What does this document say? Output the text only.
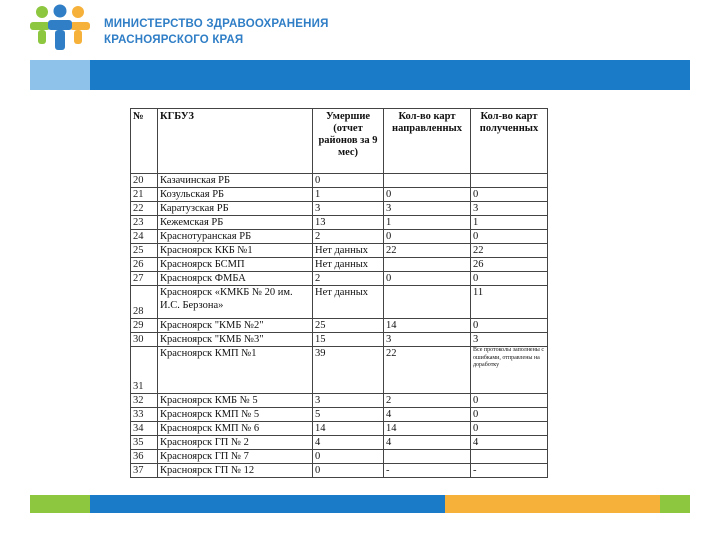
МИНИСТЕРСТВО ЗДРАВООХРАНЕНИЯ
КРАСНОЯРСКОГО КРАЯ
№	КГБУЗ	Умершие (отчет районов за 9 мес)	Кол-во карт направленных	Кол-во карт полученных
20	Казачинская РБ	0		
21	Козульская РБ	1	0	0
22	Каратузская РБ	3	3	3
23	Кежемская РБ	13	1	1
24	Краснотуранская РБ	2	0	0
25	Красноярск ККБ №1	Нет данных	22	22
26	Красноярск БСМП	Нет данных		26
27	Красноярск ФМБА	2	0	0
28	Красноярск «КМКБ № 20 им. И.С. Берзона»	Нет данных		11
29	Красноярск "КМБ №2"	25	14	0
30	Красноярск "КМБ №3"	15	3	3
31	Красноярск КМП №1	39	22	Все протоколы заполнены с ошибками, отправлены на доработку
32	Красноярск КМБ № 5	3	2	0
33	Красноярск КМП № 5	5	4	0
34	Красноярск КМП № 6	14	14	0
35	Красноярск ГП № 2	4	4	4
36	Красноярск ГП № 7	0		
37	Красноярск ГП № 12	0	-	-
